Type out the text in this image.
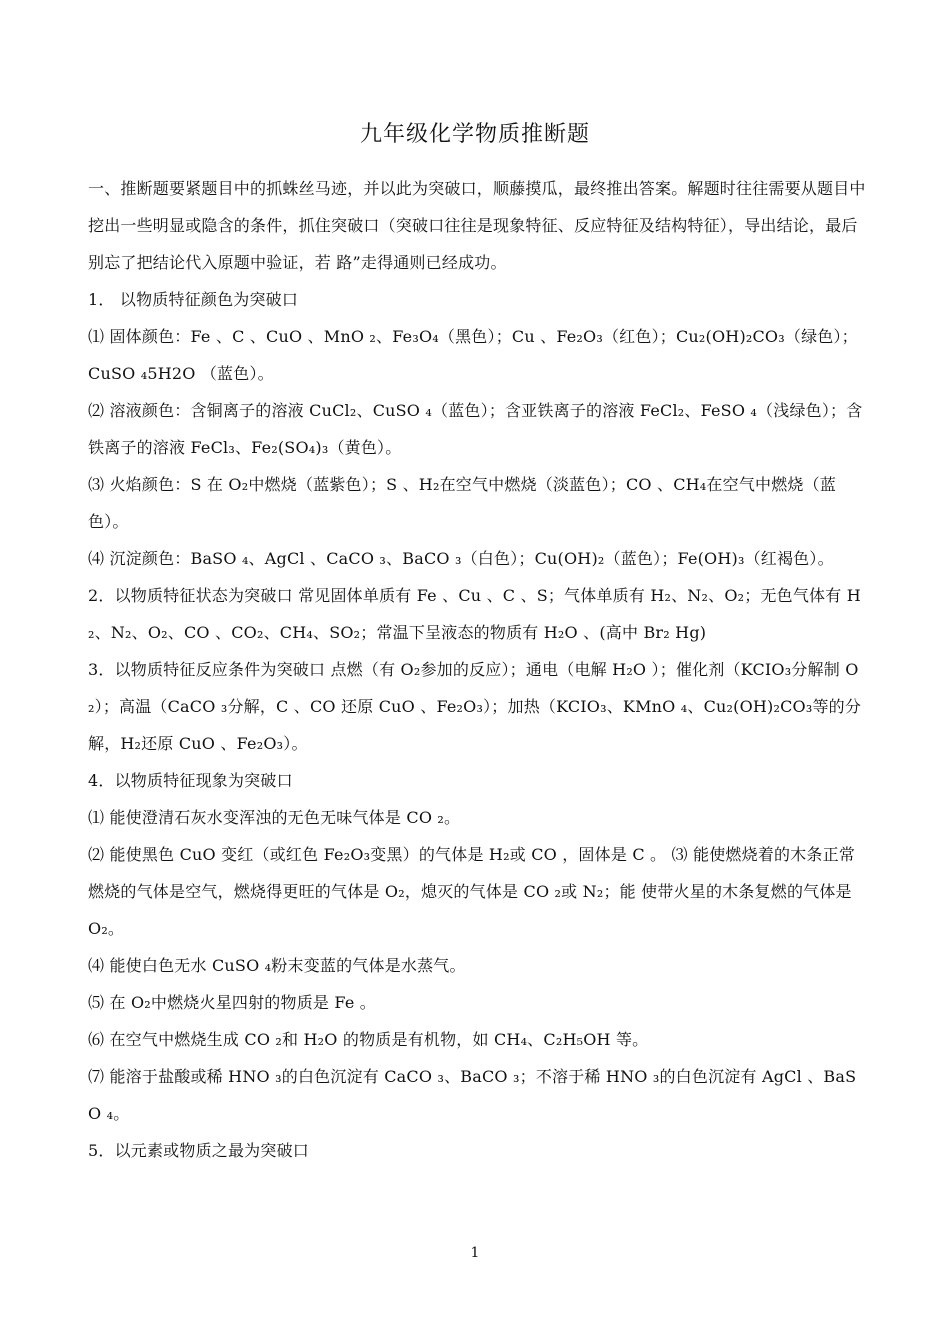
九年级化学物质推断题

一、推断题要紧题目中的抓蛛丝马迹，并以此为突破口，顺藤摸瓜，最终推出答案。解题时往往需要从题目中挖出一些明显或隐含的条件，抓住突破口（突破口往往是现象特征、反应特征及结构特征），导出结论，最后别忘了把结论代入原题中验证，若 路”走得通则已经成功。

1． 以物质特征颜色为突破口

⑴ 固体颜色：Fe 、C 、CuO 、MnO ₂、Fe₃O₄（黑色）；Cu 、Fe₂O₃（红色）；Cu₂(OH)₂CO₃（绿色）；CuSO ₄5H2O （蓝色）。

⑵ 溶液颜色：含铜离子的溶液 CuCl₂、CuSO ₄（蓝色）；含亚铁离子的溶液 FeCl₂、FeSO ₄（浅绿色）；含铁离子的溶液 FeCl₃、Fe₂(SO₄)₃（黄色）。

⑶ 火焰颜色：S 在 O₂中燃烧（蓝紫色）；S 、H₂在空气中燃烧（淡蓝色）；CO 、CH₄在空气中燃烧（蓝色）。

⑷ 沉淀颜色：BaSO ₄、AgCl 、CaCO ₃、BaCO ₃（白色）；Cu(OH)₂（蓝色）；Fe(OH)₃（红褐色）。

2．以物质特征状态为突破口 常见固体单质有 Fe 、Cu 、C 、S；气体单质有 H₂、N₂、O₂；无色气体有 H₂、N₂、O₂、CO 、CO₂、CH₄、SO₂；常温下呈液态的物质有 H₂O 、(高中 Br₂ Hg)

3．以物质特征反应条件为突破口 点燃（有 O₂参加的反应）；通电（电解 H₂O ）；催化剂（KCIO₃分解制 O₂）；高温（CaCO ₃分解，C 、CO 还原 CuO 、Fe₂O₃）；加热（KCIO₃、KMnO ₄、Cu₂(OH)₂CO₃等的分解，H₂还原 CuO 、Fe₂O₃）。

4．以物质特征现象为突破口

⑴ 能使澄清石灰水变浑浊的无色无味气体是 CO ₂。

⑵ 能使黑色 CuO 变红（或红色 Fe₂O₃变黑）的气体是 H₂或 CO ，固体是 C 。 ⑶ 能使燃烧着的木条正常燃烧的气体是空气，燃烧得更旺的气体是 O₂，熄灭的气体是 CO ₂或 N₂；能 使带火星的木条复燃的气体是 O₂。

⑷ 能使白色无水 CuSO ₄粉末变蓝的气体是水蒸气。

⑸ 在 O₂中燃烧火星四射的物质是 Fe 。

⑹ 在空气中燃烧生成 CO ₂和 H₂O 的物质是有机物，如 CH₄、C₂H₅OH 等。

⑺ 能溶于盐酸或稀 HNO ₃的白色沉淀有 CaCO ₃、BaCO ₃；不溶于稀 HNO ₃的白色沉淀有 AgCl 、BaSO ₄。

5．以元素或物质之最为突破口

1
